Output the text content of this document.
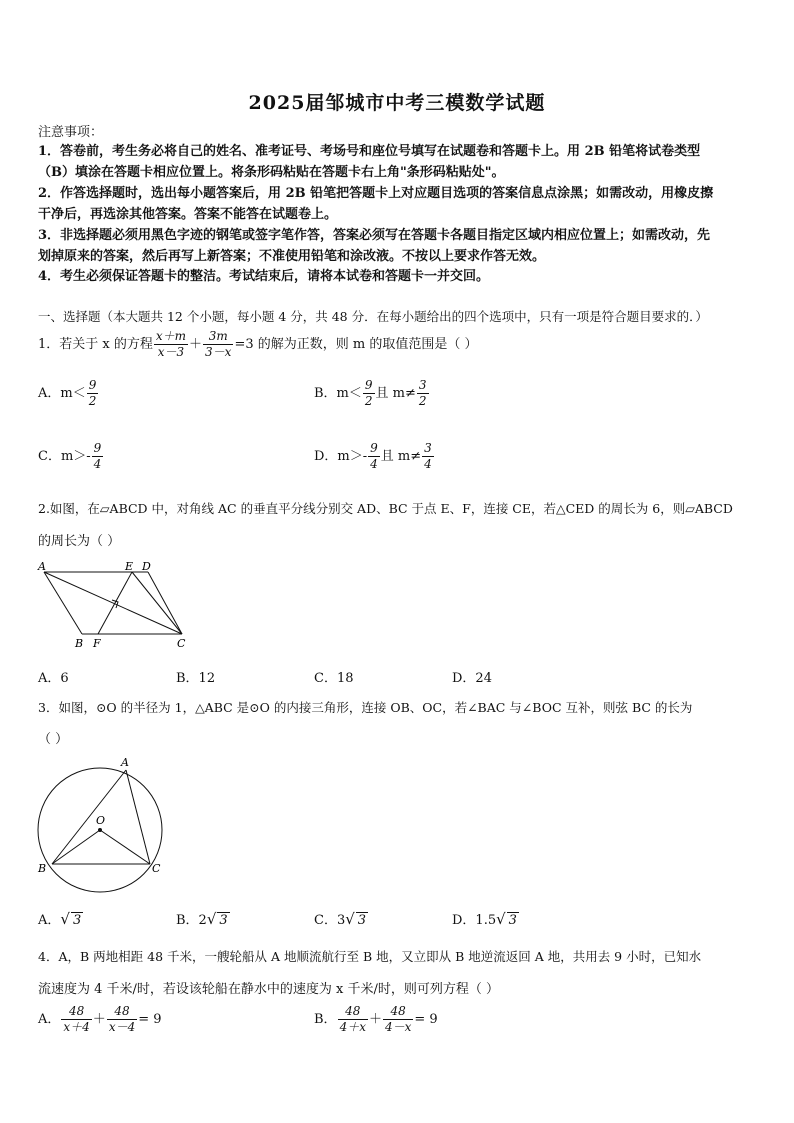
2025届邹城市中考三模数学试题
注意事项：
1．答卷前，考生务必将自己的姓名、准考证号、考场号和座位号填写在试题卷和答题卡上。用 2B 铅笔将试卷类型
（B）填涂在答题卡相应位置上。将条形码粘贴在答题卡右上角"条形码粘贴处"。
2．作答选择题时，选出每小题答案后，用 2B 铅笔把答题卡上对应题目选项的答案信息点涂黑；如需改动，用橡皮擦
干净后，再选涂其他答案。答案不能答在试题卷上。
3．非选择题必须用黑色字迹的钢笔或签字笔作答，答案必须写在答题卡各题目指定区域内相应位置上；如需改动，先
划掉原来的答案，然后再写上新答案；不准使用铅笔和涂改液。不按以上要求作答无效。
4．考生必须保证答题卡的整洁。考试结束后，请将本试卷和答题卡一并交回。
一、选择题（本大题共 12 个小题，每小题 4 分，共 48 分．在每小题给出的四个选项中，只有一项是符合题目要求的．）
1．若关于 x 的方程 $\frac{x+m}{x-3} + \frac{3m}{3-x} =3$ 的解为正数，则 m 的取值范围是（ ）
A．$m< \frac{9}{2}$	B．$m< \frac{9}{2}$ 且 $m\ne \frac{3}{2}$
C．$m>- \frac{9}{4}$	D．$m>- \frac{9}{4}$ 且 $m\ne \frac{3}{4}$
2.如图，在▱ABCD 中，对角线 AC 的垂直平分线分别交 AD、BC 于点 E、F，连接 CE，若△CED 的周长为 6，则▱ABCD
的周长为（ ）
A	E D
B F	C
A．6	B．12	C．18	D．24
3．如图，⊙O 的半径为 1，△ABC 是⊙O 的内接三角形，连接 OB、OC，若∠BAC 与∠BOC 互补，则弦 BC 的长为
（ ）
A
O
B	C
A．√ 3	B．2√ 3	C．3√ 3	D．1.5√ 3
4．A，B 两地相距 48 千米，一艘轮船从 A 地顺流航行至 B 地，又立即从 B 地逆流返回 A 地，共用去 9 小时，已知水
流速度为 4 千米/时，若设该轮船在静水中的速度为 x 千米/时，则可列方程（ ）
A． $\frac{48}{x+4} + \frac{48}{x-4} = 9$	B． $\frac{48}{4+x} + \frac{48}{4-x} = 9$
